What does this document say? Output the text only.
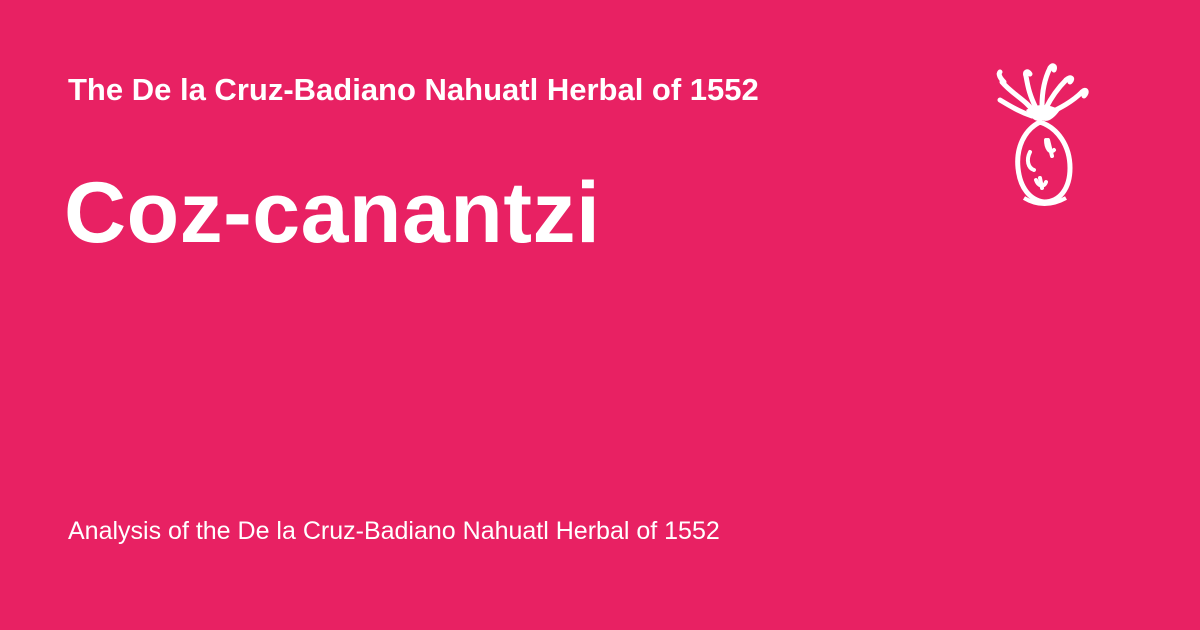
The De la Cruz-Badiano Nahuatl Herbal of 1552
Coz-canantzi

Analysis of the De la Cruz-Badiano Nahuatl Herbal of 1552
